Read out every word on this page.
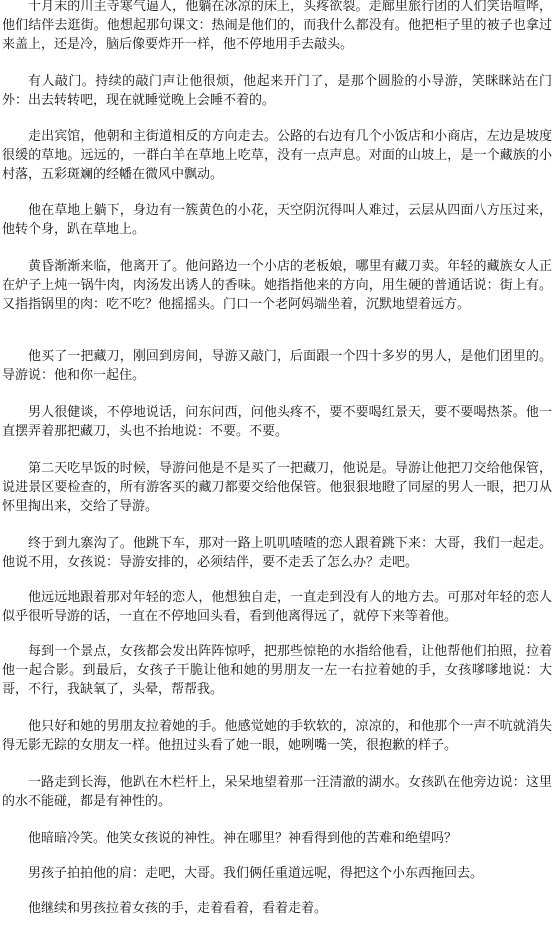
十月末的川主寺寒气逼人，他躺在冰凉的床上，头疼欲裂。走廊里旅行团的人们笑语喧哗，他们结伴去逛街。他想起那句课文：热闹是他们的，而我什么都没有。他把柜子里的被子也拿过来盖上，还是冷，脑后像要炸开一样，他不停地用手去敲头。

有人敲门。持续的敲门声让他很烦，他起来开门了，是那个圆脸的小导游，笑眯眯站在门外：出去转转吧，现在就睡觉晚上会睡不着的。

走出宾馆，他朝和主街道相反的方向走去。公路的右边有几个小饭店和小商店，左边是坡度很缓的草地。远远的，一群白羊在草地上吃草，没有一点声息。对面的山坡上，是一个藏族的小村落，五彩斑斓的经幡在微风中飘动。

他在草地上躺下，身边有一簇黄色的小花，天空阴沉得叫人难过，云层从四面八方压过来，他转个身，趴在草地上。

黄昏渐渐来临，他离开了。他问路边一个小店的老板娘，哪里有藏刀卖。年轻的藏族女人正在炉子上炖一锅牛肉，肉汤发出诱人的香味。她指指他来的方向，用生硬的普通话说：街上有。又指指锅里的肉：吃不吃？他摇摇头。门口一个老阿妈端坐着，沉默地望着远方。

他买了一把藏刀，刚回到房间，导游又敲门，后面跟一个四十多岁的男人，是他们团里的。导游说：他和你一起住。

男人很健谈，不停地说话，问东问西，问他头疼不，要不要喝红景天，要不要喝热茶。他一直摆弄着那把藏刀，头也不抬地说：不要。不要。

第二天吃早饭的时候，导游问他是不是买了一把藏刀，他说是。导游让他把刀交给他保管，说进景区要检查的，所有游客买的藏刀都要交给他保管。他狠狠地瞪了同屋的男人一眼，把刀从怀里掏出来，交给了导游。

终于到九寨沟了。他跳下车，那对一路上叽叽喳喳的恋人跟着跳下来：大哥，我们一起走。他说不用，女孩说：导游安排的，必须结伴，要不走丢了怎么办？走吧。

他远远地跟着那对年轻的恋人，他想独自走，一直走到没有人的地方去。可那对年轻的恋人似乎很听导游的话，一直在不停地回头看，看到他离得远了，就停下来等着他。

每到一个景点，女孩都会发出阵阵惊呼，把那些惊艳的水指给他看，让他帮他们拍照，拉着他一起合影。到最后，女孩子干脆让他和她的男朋友一左一右拉着她的手，女孩嗲嗲地说：大哥，不行，我缺氧了，头晕，帮帮我。

他只好和她的男朋友拉着她的手。他感觉她的手软软的，凉凉的，和他那个一声不吭就消失得无影无踪的女朋友一样。他扭过头看了她一眼，她咧嘴一笑，很抱歉的样子。

一路走到长海，他趴在木栏杆上，呆呆地望着那一汪清澈的湖水。女孩趴在他旁边说：这里的水不能碰，都是有神性的。

他暗暗冷笑。他笑女孩说的神性。神在哪里？神看得到他的苦难和绝望吗？

男孩子拍拍他的肩：走吧，大哥。我们俩任重道远呢，得把这个小东西拖回去。

他继续和男孩拉着女孩的手，走着看着，看着走着。
